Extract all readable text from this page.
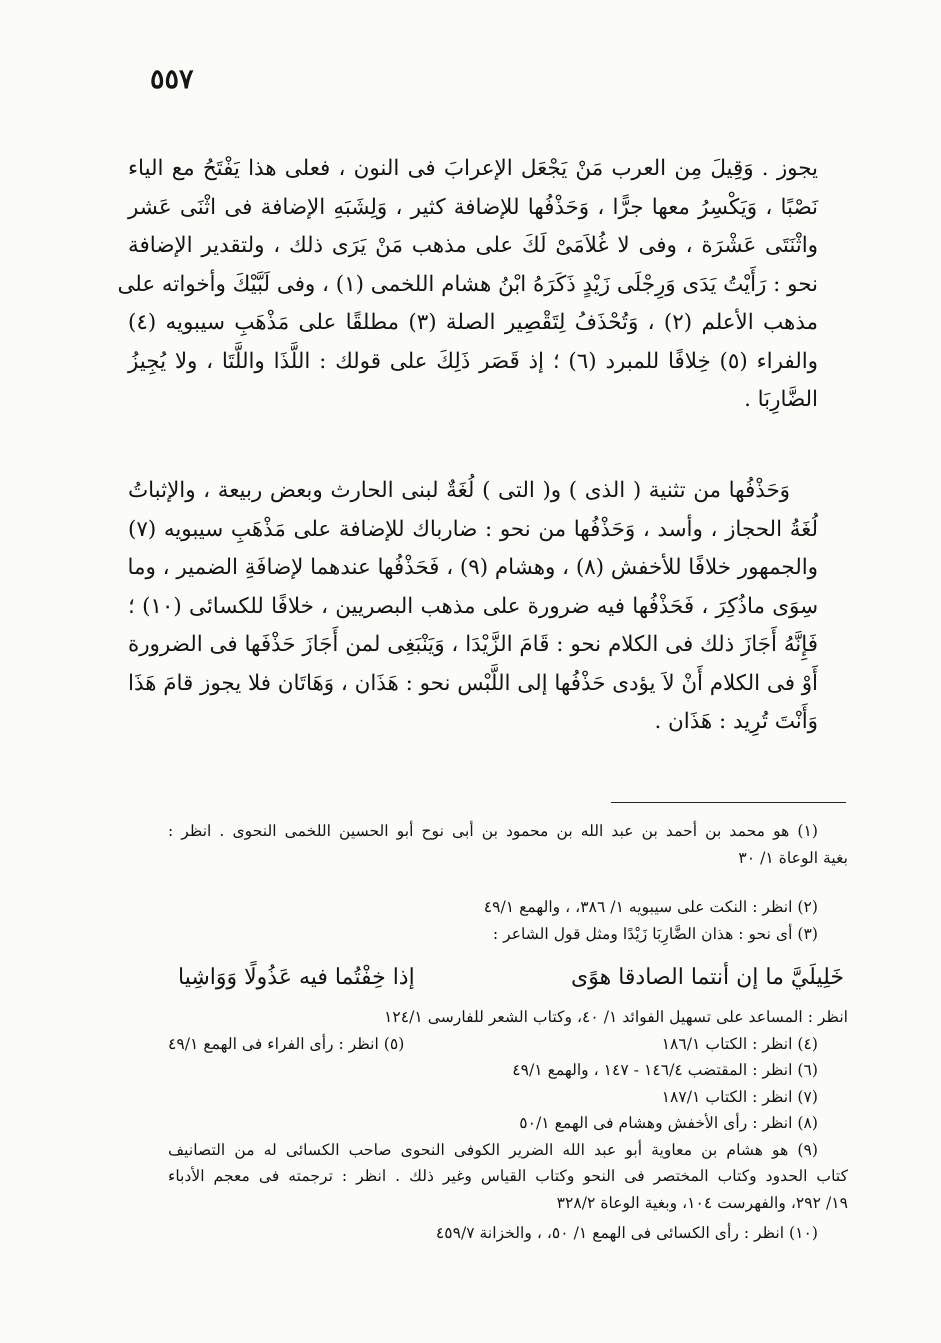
٥٥٧
يجوز . وَقِيلَ مِن العرب مَنْ يَجْعَل الإعرابَ فى النون ، فعلى هذا يَفْتَحُ مع الياء
نَصْبًا ، وَيَكْسِرُ معها جرًّا ، وَحَذْفُها للإضافة كثير ، وَلِشَبَهِ الإضافة فى اثْنَى عَشر
واثْنَتَى عَشْرَة ، وفى لا غُلاَمَىْ لَكَ على مذهب مَنْ يَرَى ذلك ، ولتقدير الإضافة
نحو : رَأَيْتُ يَدَى وَرِجْلَى زَيْدٍ ذَكَرَهُ ابْنُ هشام اللخمى (١) ، وفى لَبَّيْكَ وأخواته على
مذهب الأعلم (٢) ، وَتُحْذَفُ لِتَقْصِير الصلة (٣) مطلقًا على مَذْهَبِ سيبويه (٤)
والفراء (٥) خِلافًا للمبرد (٦) ؛ إذ قَصَر ذَلِكَ على قولك : اللَّذَا واللَّتَا ، ولا يُجِيزُ
الضَّارِبَا .
وَحَذْفُها من تثنية ( الذى ) و( التى ) لُغَةٌ لبنى الحارث وبعض ربيعة ، والإثباتُ
لُغَةُ الحجاز ، وأسد ، وَحَذْفُها من نحو : ضارباك للإضافة على مَذْهَبِ سيبويه (٧)
والجمهور خلافًا للأخفش (٨) ، وهشام (٩) ، فَحَذْفُها عندهما لإضافَةِ الضمير ، وما
سِوَى ماذُكِرَ ، فَحَذْفُها فيه ضرورة على مذهب البصريين ، خلافًا للكسائى (١٠) ؛
فَإِنَّهُ أَجَازَ ذلك فى الكلام نحو : قَامَ الزَّيْدَا ، وَيَنْبَغِى لمن أَجَازَ حَذْفَها فى الضرورة
أَوْ فى الكلام أَنْ لاَ يؤدى حَذْفُها إلى اللَّبْس نحو : هَذَان ، وَهَاتَان فلا يجوز قامَ هَذَا
وَأَنْتَ تُرِيد : هَذَان .
(١) هو محمد بن أحمد بن عبد الله بن محمود بن أبى نوح أبو الحسين اللخمى النحوى . انظر :
بغية الوعاة ١/ ٣٠
(٢) انظر : النكت على سيبويه ١/ ٣٨٦، ، والهمع ٤٩/١
(٣) أى نحو : هذان الضَّارِبَا زَيْدًا ومثل قول الشاعر :
خَلِيلَيَّ ما إن أنتما الصادقا هوًى
إذا خِفْتُما فيه عَذُولًا وَوَاشِيا
انظر : المساعد على تسهيل الفوائد ١/ ٤٠، وكتاب الشعر للفارسى ١٢٤/١
(٤) انظر : الكتاب ١٨٦/١
(٥) انظر : رأى الفراء فى الهمع ٤٩/١
(٦) انظر : المقتضب ١٤٦/٤ - ١٤٧ ، والهمع ٤٩/١
(٧) انظر : الكتاب ١٨٧/١
(٨) انظر : رأى الأخفش وهشام فى الهمع ٥٠/١
(٩) هو هشام بن معاوية أبو عبد الله الضرير الكوفى النحوى صاحب الكسائى له من التصانيف
كتاب الحدود وكتاب المختصر فى النحو وكتاب القياس وغير ذلك . انظر : ترجمته فى معجم الأدباء
١٩/ ٢٩٢، والفهرست ١٠٤، وبغية الوعاة ٣٢٨/٢
(١٠) انظر : رأى الكسائى فى الهمع ١/ ٥٠، ، والخزانة ٤٥٩/٧
